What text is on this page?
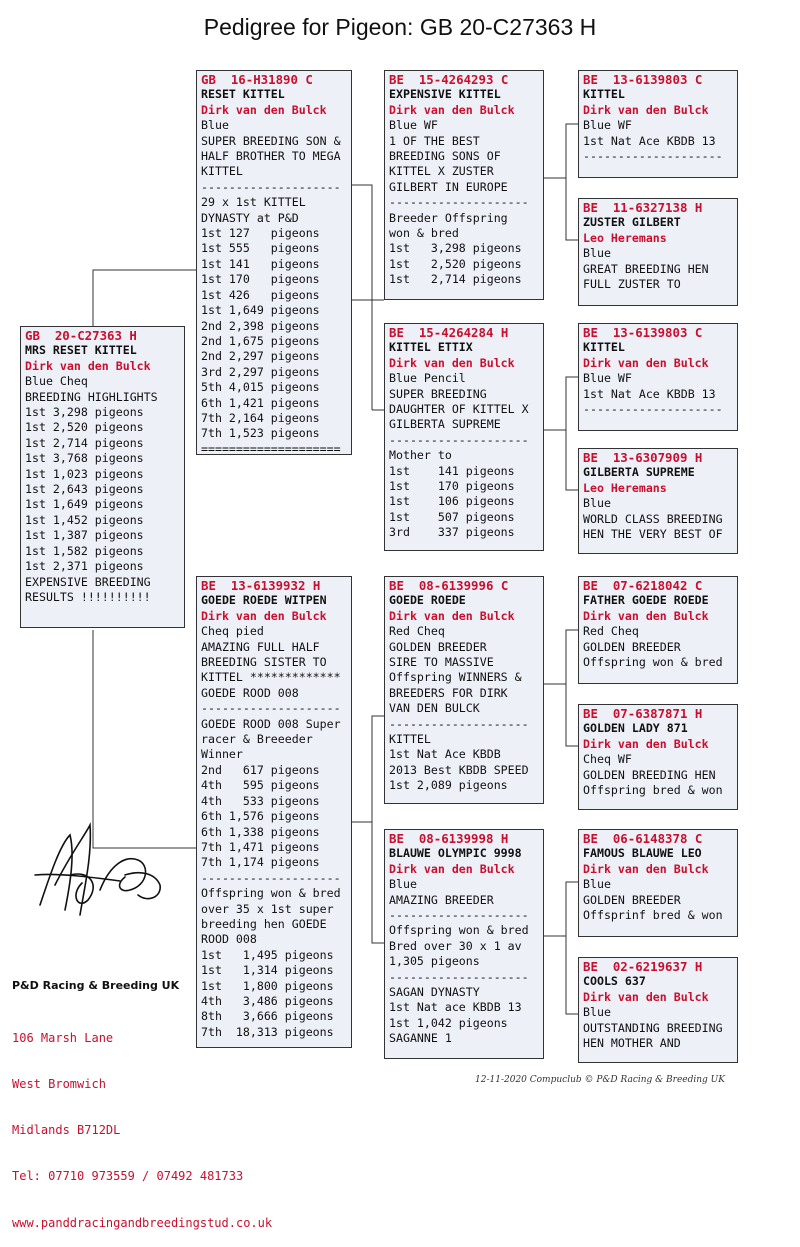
Pedigree for Pigeon: GB 20-C27363 H
GB  20-C27363 H
MRS RESET KITTEL
Dirk van den Bulck
Blue Cheq
BREEDING HIGHLIGHTS
1st 3,298 pigeons
1st 2,520 pigeons
1st 2,714 pigeons
1st 3,768 pigeons
1st 1,023 pigeons
1st 2,643 pigeons
1st 1,649 pigeons
1st 1,452 pigeons
1st 1,387 pigeons
1st 1,582 pigeons
1st 2,371 pigeons
EXPENSIVE BREEDING
RESULTS !!!!!!!!!!
GB  16-H31890 C
RESET KITTEL
Dirk van den Bulck
Blue
SUPER BREEDING SON &
HALF BROTHER TO MEGA
KITTEL
--------------------
29 x 1st KITTEL
DYNASTY at P&D
1st 127   pigeons
1st 555   pigeons
1st 141   pigeons
1st 170   pigeons
1st 426   pigeons
1st 1,649 pigeons
2nd 2,398 pigeons
2nd 1,675 pigeons
2nd 2,297 pigeons
3rd 2,297 pigeons
5th 4,015 pigeons
6th 1,421 pigeons
7th 2,164 pigeons
7th 1,523 pigeons
====================
BE  13-6139932 H
GOEDE ROEDE WITPEN
Dirk van den Bulck
Cheq pied
AMAZING FULL HALF
BREEDING SISTER TO
KITTEL *************
GOEDE ROOD 008
--------------------
GOEDE ROOD 008 Super
racer & Breeeder
Winner
2nd   617 pigeons
4th   595 pigeons
4th   533 pigeons
6th 1,576 pigeons
6th 1,338 pigeons
7th 1,471 pigeons
7th 1,174 pigeons
--------------------
Offspring won & bred
over 35 x 1st super
breeding hen GOEDE
ROOD 008
1st   1,495 pigeons
1st   1,314 pigeons
1st   1,800 pigeons
4th   3,486 pigeons
8th   3,666 pigeons
7th  18,313 pigeons
BE  15-4264293 C
EXPENSIVE KITTEL
Dirk van den Bulck
Blue WF
1 OF THE BEST
BREEDING SONS OF
KITTEL X ZUSTER
GILBERT IN EUROPE
--------------------
Breeder Offspring
won & bred
1st   3,298 pigeons
1st   2,520 pigeons
1st   2,714 pigeons
BE  15-4264284 H
KITTEL ETTIX
Dirk van den Bulck
Blue Pencil
SUPER BREEDING
DAUGHTER OF KITTEL X
GILBERTA SUPREME
--------------------
Mother to
1st    141 pigeons
1st    170 pigeons
1st    106 pigeons
1st    507 pigeons
3rd    337 pigeons
BE  08-6139996 C
GOEDE ROEDE
Dirk van den Bulck
Red Cheq
GOLDEN BREEDER
SIRE TO MASSIVE
Offspring WINNERS &
BREEDERS FOR DIRK
VAN DEN BULCK
--------------------
KITTEL
1st Nat Ace KBDB
2013 Best KBDB SPEED
1st 2,089 pigeons
BE  08-6139998 H
BLAUWE OLYMPIC 9998
Dirk van den Bulck
Blue
AMAZING BREEDER
--------------------
Offspring won & bred
Bred over 30 x 1 av
1,305 pigeons
--------------------
SAGAN DYNASTY
1st Nat ace KBDB 13
1st 1,042 pigeons
SAGANNE 1
BE  13-6139803 C
KITTEL
Dirk van den Bulck
Blue WF
1st Nat Ace KBDB 13
--------------------
BE  11-6327138 H
ZUSTER GILBERT
Leo Heremans
Blue
GREAT BREEDING HEN
FULL ZUSTER TO
BE  13-6139803 C
KITTEL
Dirk van den Bulck
Blue WF
1st Nat Ace KBDB 13
--------------------
BE  13-6307909 H
GILBERTA SUPREME
Leo Heremans
Blue
WORLD CLASS BREEDING
HEN THE VERY BEST OF
BE  07-6218042 C
FATHER GOEDE ROEDE
Dirk van den Bulck
Red Cheq
GOLDEN BREEDER
Offspring won & bred
BE  07-6387871 H
GOLDEN LADY 871
Dirk van den Bulck
Cheq WF
GOLDEN BREEDING HEN
Offspring bred & won
BE  06-6148378 C
FAMOUS BLAUWE LEO
Dirk van den Bulck
Blue
GOLDEN BREEDER
Offsprinf bred & won
BE  02-6219637 H
COOLS 637
Dirk van den Bulck
Blue
OUTSTANDING BREEDING
HEN MOTHER AND
P&D Racing & Breeding UK

106 Marsh Lane

West Bromwich

Midlands B712DL

Tel: 07710 973559 / 07492 481733

www.panddracingandbreedingstud.co.uk

12-11-2020 Compuclub © P&D Racing & Breeding UK
